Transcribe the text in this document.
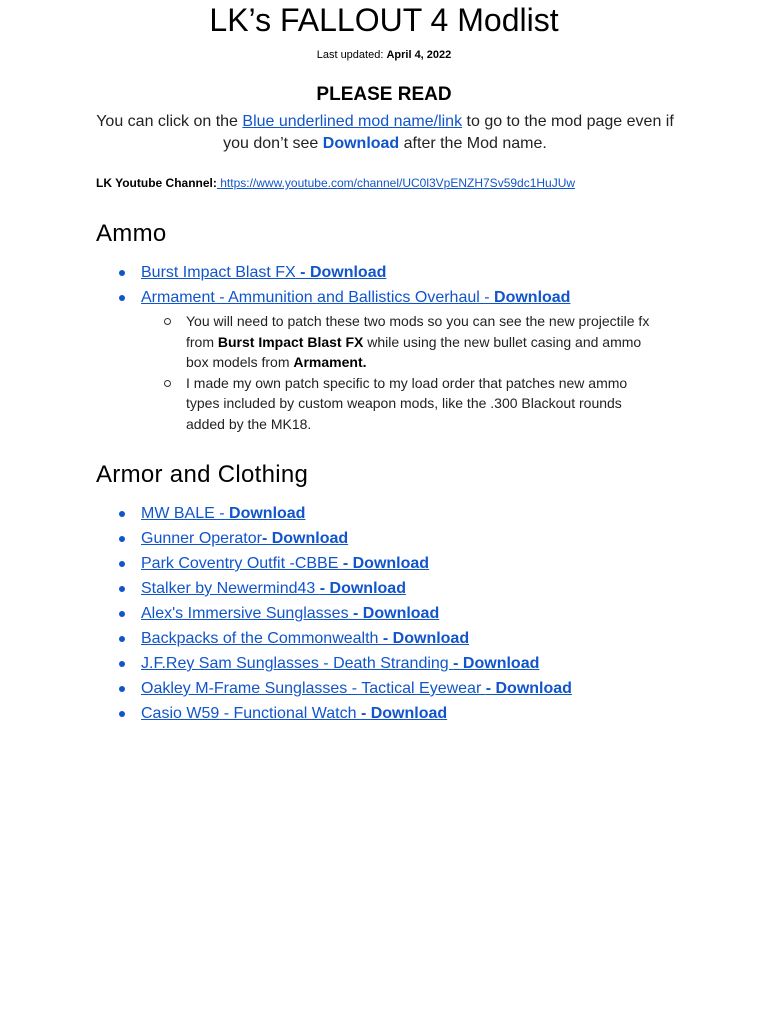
LK’s FALLOUT 4 Modlist
Last updated: April 4, 2022
PLEASE READ
You can click on the Blue underlined mod name/link to go to the mod page even if you don’t see Download after the Mod name.
LK Youtube Channel: https://www.youtube.com/channel/UC0l3VpENZH7Sv59dc1HuJUw
Ammo
Burst Impact Blast FX - Download
Armament - Ammunition and Ballistics Overhaul - Download
You will need to patch these two mods so you can see the new projectile fx from Burst Impact Blast FX while using the new bullet casing and ammo box models from Armament.
I made my own patch specific to my load order that patches new ammo types included by custom weapon mods, like the .300 Blackout rounds added by the MK18.
Armor and Clothing
MW BALE - Download
Gunner Operator- Download
Park Coventry Outfit -CBBE - Download
Stalker by Newermind43 - Download
Alex's Immersive Sunglasses - Download
Backpacks of the Commonwealth - Download
J.F.Rey Sam Sunglasses - Death Stranding - Download
Oakley M-Frame Sunglasses - Tactical Eyewear - Download
Casio W59 - Functional Watch - Download
